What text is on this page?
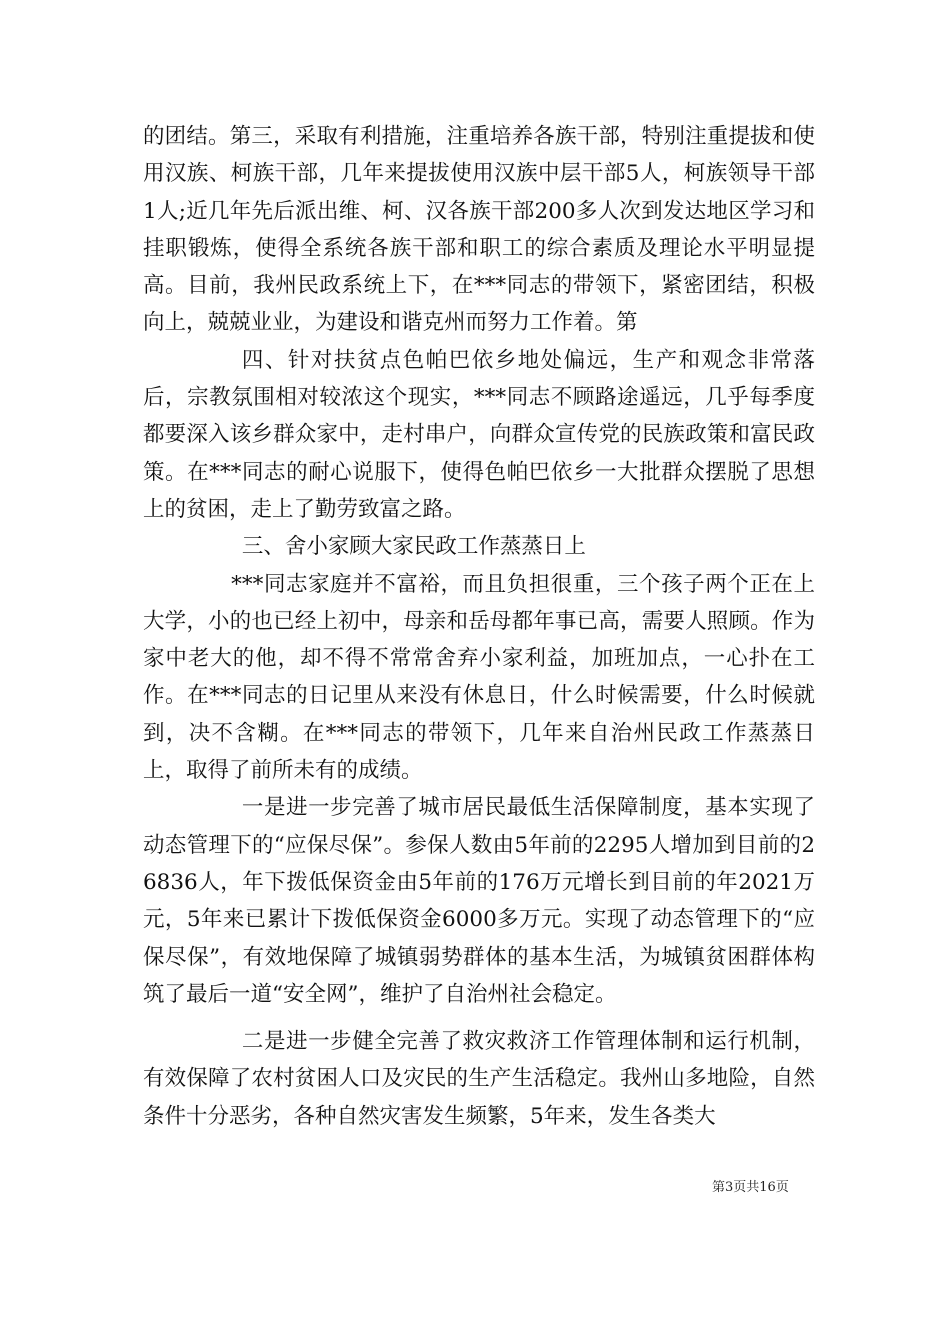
的团结。第三，采取有利措施，注重培养各族干部，特别注重提拔和使用汉族、柯族干部，几年来提拔使用汉族中层干部5人，柯族领导干部1人;近几年先后派出维、柯、汉各族干部200多人次到发达地区学习和挂职锻炼，使得全系统各族干部和职工的综合素质及理论水平明显提高。目前，我州民政系统上下，在***同志的带领下，紧密团结，积极向上，兢兢业业，为建设和谐克州而努力工作着。第

四、针对扶贫点色帕巴依乡地处偏远，生产和观念非常落后，宗教氛围相对较浓这个现实，***同志不顾路途遥远，几乎每季度都要深入该乡群众家中，走村串户，向群众宣传党的民族政策和富民政策。在***同志的耐心说服下，使得色帕巴依乡一大批群众摆脱了思想上的贫困，走上了勤劳致富之路。

三、舍小家顾大家民政工作蒸蒸日上

***同志家庭并不富裕，而且负担很重，三个孩子两个正在上大学，小的也已经上初中，母亲和岳母都年事已高，需要人照顾。作为家中老大的他，却不得不常常舍弃小家利益，加班加点，一心扑在工作。在***同志的日记里从来没有休息日，什么时候需要，什么时候就到，决不含糊。在***同志的带领下，几年来自治州民政工作蒸蒸日上，取得了前所未有的成绩。

一是进一步完善了城市居民最低生活保障制度，基本实现了动态管理下的“应保尽保”。参保人数由5年前的2295人增加到目前的26836人，年下拨低保资金由5年前的176万元增长到目前的年2021万元，5年来已累计下拨低保资金6000多万元。实现了动态管理下的“应保尽保”，有效地保障了城镇弱势群体的基本生活，为城镇贫困群体构筑了最后一道“安全网”，维护了自治州社会稳定。

二是进一步健全完善了救灾救济工作管理体制和运行机制，有效保障了农村贫困人口及灾民的生产生活稳定。我州山多地险，自然条件十分恶劣，各种自然灾害发生频繁，5年来，发生各类大

第3页共16页
